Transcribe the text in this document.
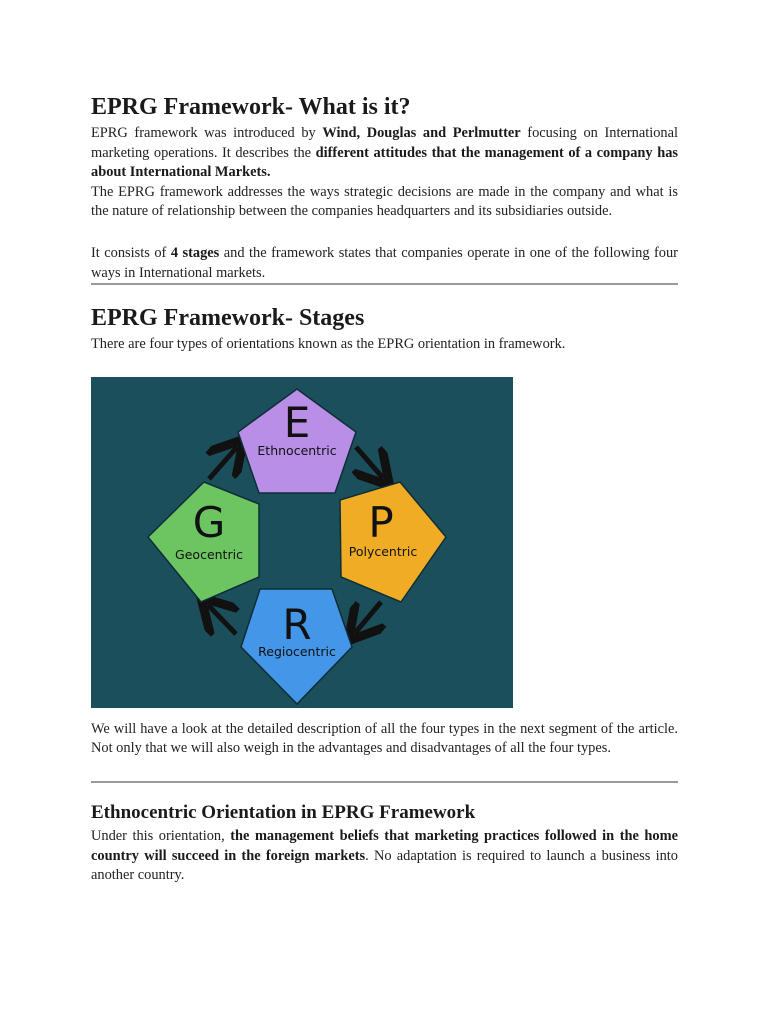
EPRG Framework- What is it?

EPRG framework was introduced by Wind, Douglas and Perlmutter focusing on International marketing operations. It describes the different attitudes that the management of a company has about International Markets.

The EPRG framework addresses the ways strategic decisions are made in the company and what is the nature of relationship between the companies headquarters and its subsidiaries outside.

It consists of 4 stages and the framework states that companies operate in one of the following four ways in International markets.

EPRG Framework- Stages

There are four types of orientations known as the EPRG orientation in framework.

E
Ethnocentric
P
Polycentric
R
Regiocentric
G
Geocentric

We will have a look at the detailed description of all the four types in the next segment of the article. Not only that we will also weigh in the advantages and disadvantages of all the four types.

Ethnocentric Orientation in EPRG Framework

Under this orientation, the management beliefs that marketing practices followed in the home country will succeed in the foreign markets. No adaptation is required to launch a business into another country.
